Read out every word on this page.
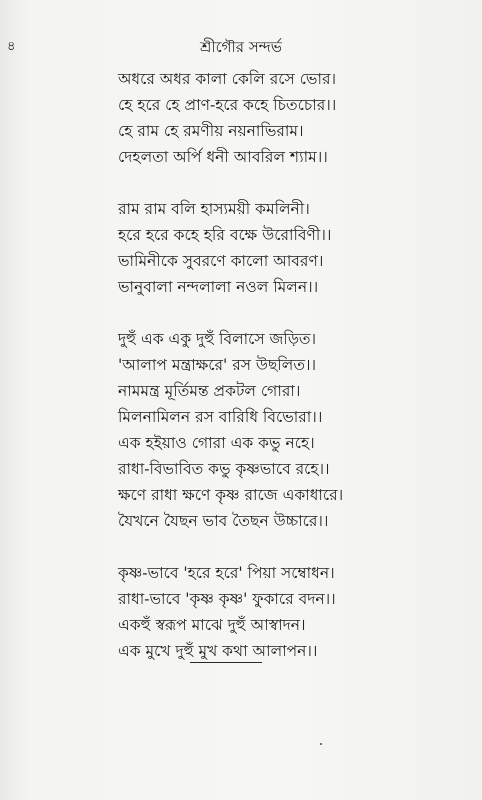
৪	শ্রীগৌর সন্দর্ভ
অধরে অধর কালা কেলি রসে ভোর।
হে হরে হে প্রাণ-হরে কহে চিতচোর।।
হে রাম হে রমণীয় নয়নাভিরাম।
দেহলতা অর্পি ধনী আবরিল শ্যাম।।
রাম রাম বলি হাস্যময়ী কমলিনী।
হরে হরে কহে হরি বক্ষে উরোবিণী।।
ভামিনীকে সুবরণে কালো আবরণ।
ভানুবালা নন্দলালা নওল মিলন।।
দুহুঁ এক একু দুহুঁ বিলাসে জড়িত।
'আলাপ মন্ত্রাক্ষরে' রস উছলিত।।
নামমন্ত্র মূর্তিমন্ত প্রকটল গোরা।
মিলনামিলন রস বারিধি বিভোরা।।
এক হইয়াও গোরা এক কভু নহে।
রাধা-বিভাবিত কভু কৃষ্ণভাবে রহে।।
ক্ষণে রাধা ক্ষণে কৃষ্ণ রাজে একাধারে।
যৈখনে যৈছন ভাব তৈছন উচ্চারে।।
কৃষ্ণ-ভাবে 'হরে হরে' পিয়া সম্বোধন।
রাধা-ভাবে 'কৃষ্ণ কৃষ্ণ' ফুকারে বদন।।
একহুঁ স্বরূপ মাঝে দুহুঁ আস্বাদন।
এক মুখে দুহুঁ মুখ কথা আলাপন।।
